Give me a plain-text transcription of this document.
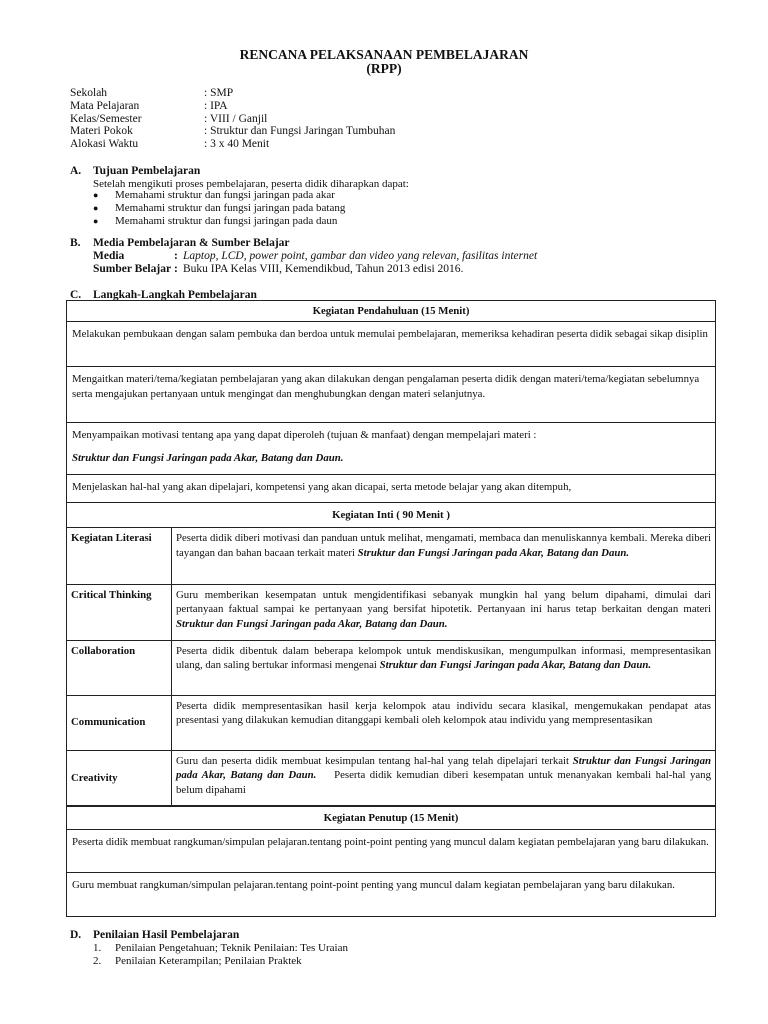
RENCANA PELAKSANAAN PEMBELAJARAN
(RPP)
Sekolah	: SMP
Mata Pelajaran	: IPA
Kelas/Semester	: VIII / Ganjil
Materi Pokok	: Struktur dan Fungsi Jaringan Tumbuhan
Alokasi Waktu	: 3 x 40 Menit
A. Tujuan Pembelajaran
Setelah mengikuti proses pembelajaran, peserta didik diharapkan dapat:
●	Memahami struktur dan fungsi jaringan pada akar
●	Memahami struktur dan fungsi jaringan pada batang
●	Memahami struktur dan fungsi jaringan pada daun
B. Media Pembelajaran & Sumber Belajar
Media	: Laptop, LCD, power point, gambar dan video yang relevan, fasilitas internet
Sumber Belajar : Buku IPA Kelas VIII, Kemendikbud, Tahun 2013 edisi 2016.
C. Langkah-Langkah Pembelajaran
Kegiatan Pendahuluan (15 Menit)
Melakukan pembukaan dengan salam pembuka dan berdoa untuk memulai pembelajaran, memeriksa kehadiran peserta didik sebagai sikap disiplin
Mengaitkan materi/tema/kegiatan pembelajaran yang akan dilakukan dengan pengalaman peserta didik dengan materi/tema/kegiatan sebelumnya serta mengajukan pertanyaan untuk mengingat dan menghubungkan dengan materi selanjutnya.
Menyampaikan motivasi tentang apa yang dapat diperoleh (tujuan & manfaat) dengan mempelajari materi :
Struktur dan Fungsi Jaringan pada Akar, Batang dan Daun.
Menjelaskan hal-hal yang akan dipelajari, kompetensi yang akan dicapai, serta metode belajar yang akan ditempuh,
Kegiatan Inti ( 90 Menit )
Kegiatan Literasi	Peserta didik diberi motivasi dan panduan untuk melihat, mengamati, membaca dan menuliskannya kembali. Mereka diberi tayangan dan bahan bacaan terkait materi Struktur dan Fungsi Jaringan pada Akar, Batang dan Daun.
Critical Thinking	Guru memberikan kesempatan untuk mengidentifikasi sebanyak mungkin hal yang belum dipahami, dimulai dari pertanyaan faktual sampai ke pertanyaan yang bersifat hipotetik. Pertanyaan ini harus tetap berkaitan dengan materi Struktur dan Fungsi Jaringan pada Akar, Batang dan Daun.
Collaboration	Peserta didik dibentuk dalam beberapa kelompok untuk mendiskusikan, mengumpulkan informasi, mempresentasikan ulang, dan saling bertukar informasi mengenai Struktur dan Fungsi Jaringan pada Akar, Batang dan Daun.
Communication	Peserta didik mempresentasikan hasil kerja kelompok atau individu secara klasikal, mengemukakan pendapat atas presentasi yang dilakukan kemudian ditanggapi kembali oleh kelompok atau individu yang mempresentasikan
Creativity	Guru dan peserta didik membuat kesimpulan tentang hal-hal yang telah dipelajari terkait Struktur dan Fungsi Jaringan pada Akar, Batang dan Daun.    Peserta didik kemudian diberi kesempatan untuk menanyakan kembali hal-hal yang belum dipahami
Kegiatan Penutup (15 Menit)
Peserta didik membuat rangkuman/simpulan pelajaran.tentang point-point penting yang muncul dalam kegiatan pembelajaran yang baru dilakukan.
Guru membuat rangkuman/simpulan pelajaran.tentang point-point penting yang muncul dalam kegiatan pembelajaran yang baru dilakukan.
D. Penilaian Hasil Pembelajaran
1.	Penilaian Pengetahuan; Teknik Penilaian: Tes Uraian
2.	Penilaian Keterampilan; Penilaian Praktek
